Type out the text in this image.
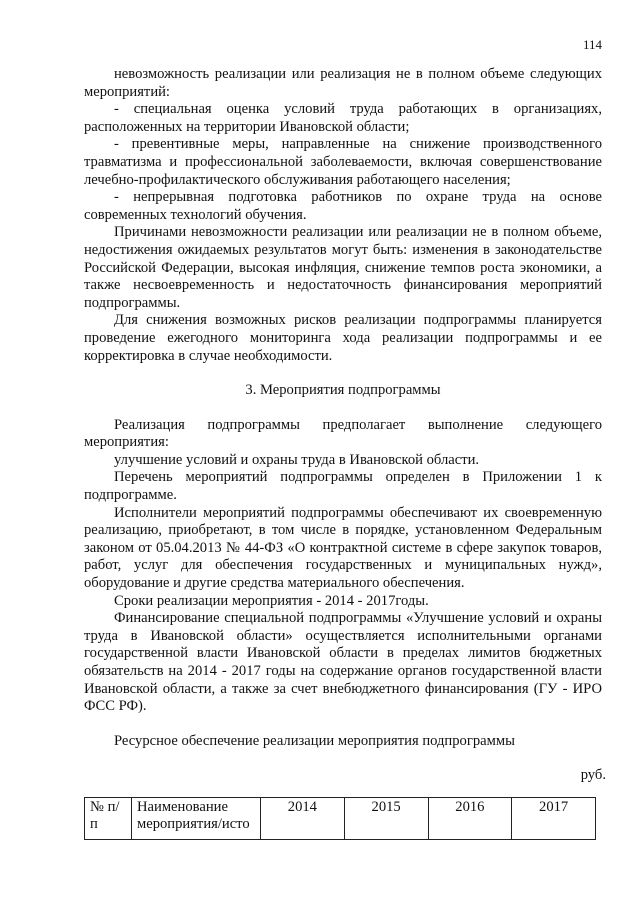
114

невозможность реализации или реализация не в полном объеме следующих мероприятий:

- специальная оценка условий труда работающих в организациях, расположенных на территории Ивановской области;

- превентивные меры, направленные на снижение производственного травматизма и профессиональной заболеваемости, включая совершенствование лечебно-профилактического обслуживания работающего населения;

- непрерывная подготовка работников по охране труда на основе современных технологий обучения.

Причинами невозможности реализации или реализации не в полном объеме, недостижения ожидаемых результатов могут быть: изменения в законодательстве Российской Федерации, высокая инфляция, снижение темпов роста экономики, а также несвоевременность и недостаточность финансирования мероприятий подпрограммы.

Для снижения возможных рисков реализации подпрограммы планируется проведение ежегодного мониторинга хода реализации подпрограммы и ее корректировка в случае необходимости.

3. Мероприятия подпрограммы

Реализация подпрограммы предполагает выполнение следующего мероприятия:

улучшение условий и охраны труда в Ивановской области.

Перечень мероприятий подпрограммы определен в Приложении 1 к подпрограмме.

Исполнители мероприятий подпрограммы обеспечивают их своевременную реализацию, приобретают, в том числе в порядке, установленном Федеральным законом от 05.04.2013 № 44-ФЗ «О контрактной системе в сфере закупок товаров, работ, услуг для обеспечения государственных и муниципальных нужд», оборудование и другие средства материального обеспечения.

Сроки реализации мероприятия - 2014 - 2017годы.

Финансирование специальной подпрограммы «Улучшение условий и охраны труда в Ивановской области» осуществляется исполнительными органами государственной власти Ивановской области в пределах лимитов бюджетных обязательств на 2014 - 2017 годы на содержание органов государственной власти Ивановской области, а также за счет внебюджетного финансирования (ГУ - ИРО ФСС РФ).

Ресурсное обеспечение реализации мероприятия подпрограммы

руб.

№ п/п	Наименование мероприятия/исто	2014	2015	2016	2017
